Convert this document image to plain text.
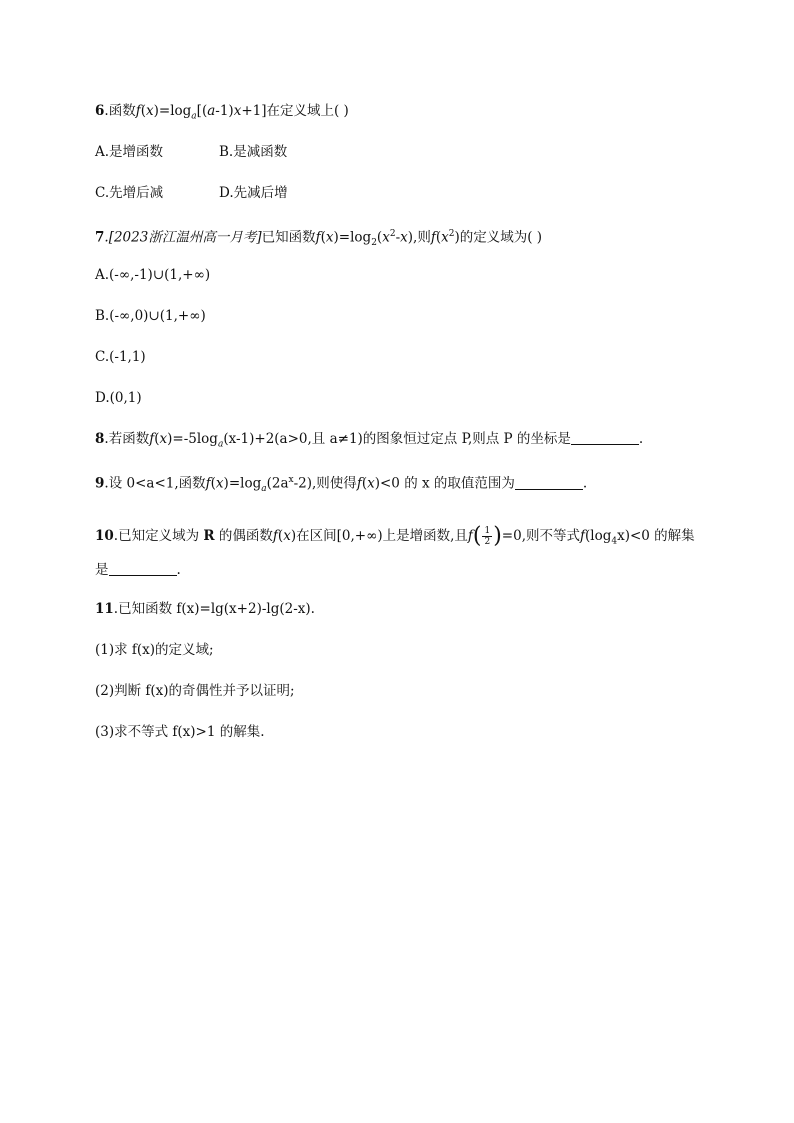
6.函数$f(x)=\log_a[(a-1)x+1]$在定义域上( )
A.是增函数	B.是减函数
C.先增后减	D.先减后增
7.[2023浙江温州高一月考]已知函数$f(x)=\log_2(x^2-x)$,则$f(x^2)$的定义域为( )
A.(-∞,-1)∪(1,+∞)
B.(-∞,0)∪(1,+∞)
C.(-1,1)
D.(0,1)
8.若函数$f(x)=-5\log_a(x-1)+2(a>0$,且 a≠1)的图象恒过定点 P,则点 P 的坐标是	.
9.设 0<a<1,函数$f(x)=\log_a(2a^x-2)$,则使得f(x)<0 的 x 的取值范围为	.
10.已知定义域为 R 的偶函数f(x)在区间[0,+∞)上是增函数,且$f( \frac{1}{2} )=0$,则不等式$f(\log_4x)<0$ 的解集
是	.
11.已知函数 f(x)=lg(x+2)-lg(2-x).
(1)求 f(x)的定义域;
(2)判断 f(x)的奇偶性并予以证明;
(3)求不等式 f(x)>1 的解集.
